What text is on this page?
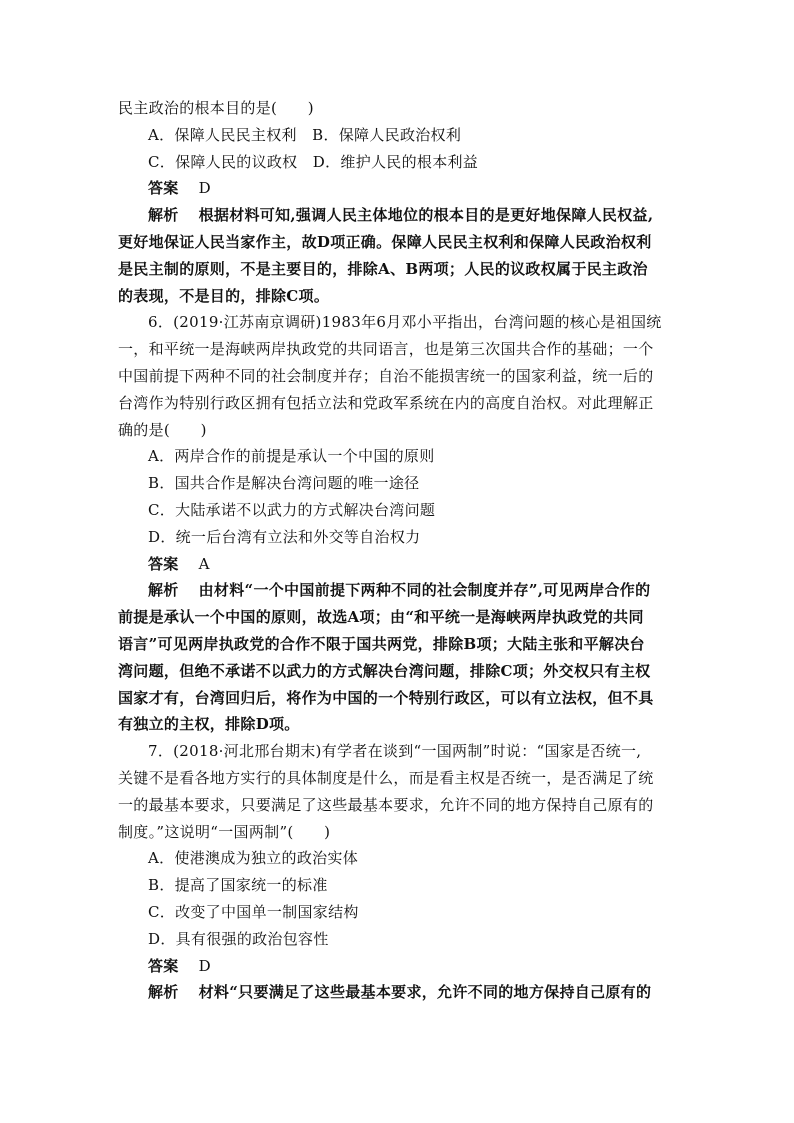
民主政治的根本目的是(　　)
A．保障人民民主权利　B．保障人民政治权利
C．保障人民的议政权　D．维护人民的根本利益
答案 D
解析 根据材料可知,强调人民主体地位的根本目的是更好地保障人民权益,
更好地保证人民当家作主，故D项正确。保障人民民主权利和保障人民政治权利
是民主制的原则，不是主要目的，排除A、B两项；人民的议政权属于民主政治
的表现，不是目的，排除C项。
6．(2019·江苏南京调研)1983年6月邓小平指出，台湾问题的核心是祖国统
一，和平统一是海峡两岸执政党的共同语言，也是第三次国共合作的基础；一个
中国前提下两种不同的社会制度并存；自治不能损害统一的国家利益，统一后的
台湾作为特别行政区拥有包括立法和党政军系统在内的高度自治权。对此理解正
确的是(　　)
A．两岸合作的前提是承认一个中国的原则
B．国共合作是解决台湾问题的唯一途径
C．大陆承诺不以武力的方式解决台湾问题
D．统一后台湾有立法和外交等自治权力
答案 A
解析 由材料“一个中国前提下两种不同的社会制度并存”,可见两岸合作的
前提是承认一个中国的原则，故选A项；由“和平统一是海峡两岸执政党的共同
语言”可见两岸执政党的合作不限于国共两党，排除B项；大陆主张和平解决台
湾问题，但绝不承诺不以武力的方式解决台湾问题，排除C项；外交权只有主权
国家才有，台湾回归后，将作为中国的一个特别行政区，可以有立法权，但不具
有独立的主权，排除D项。
7．(2018·河北邢台期末)有学者在谈到“一国两制”时说：“国家是否统一,
关键不是看各地方实行的具体制度是什么，而是看主权是否统一，是否满足了统
一的最基本要求，只要满足了这些最基本要求，允许不同的地方保持自己原有的
制度。”这说明“一国两制”(　　)
A．使港澳成为独立的政治实体
B．提高了国家统一的标准
C．改变了中国单一制国家结构
D．具有很强的政治包容性
答案 D
解析 材料“只要满足了这些最基本要求，允许不同的地方保持自己原有的
